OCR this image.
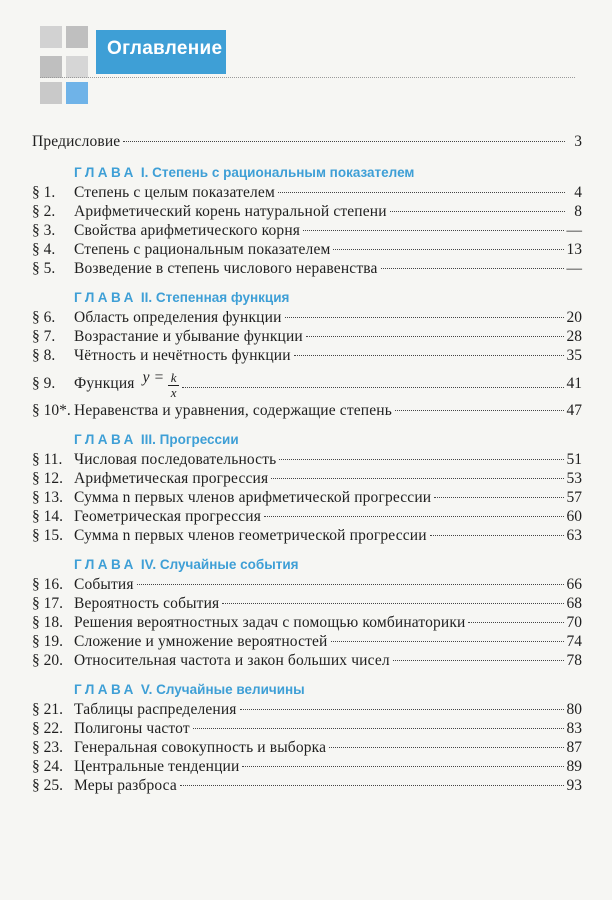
Оглавление
Предисловие	3
ГЛАВА I. Степень с рациональным показателем
§ 1.	Степень с целым показателем	4
§ 2.	Арифметический корень натуральной степени	8
§ 3.	Свойства арифметического корня	—
§ 4.	Степень с рациональным показателем	13
§ 5.	Возведение в степень числового неравенства	—
ГЛАВА II. Степенная функция
§ 6.	Область определения функции	20
§ 7.	Возрастание и убывание функции	28
§ 8.	Чётность и нечётность функции	35
§ 9.	Функция $y = \frac{k}{x}$	41
§ 10*. Неравенства и уравнения, содержащие степень	47
ГЛАВА III. Прогрессии
§ 11. Числовая последовательность	51
§ 12. Арифметическая прогрессия	53
§ 13. Сумма n первых членов арифметической прогрессии	57
§ 14. Геометрическая прогрессия	60
§ 15. Сумма n первых членов геометрической прогрессии	63
ГЛАВА IV. Случайные события
§ 16. События	66
§ 17. Вероятность события	68
§ 18. Решения вероятностных задач с помощью комбинаторики	70
§ 19. Сложение и умножение вероятностей	74
§ 20. Относительная частота и закон больших чисел	78
ГЛАВА V. Случайные величины
§ 21. Таблицы распределения	80
§ 22. Полигоны частот	83
§ 23. Генеральная совокупность и выборка	87
§ 24. Центральные тенденции	89
§ 25. Меры разброса	93
